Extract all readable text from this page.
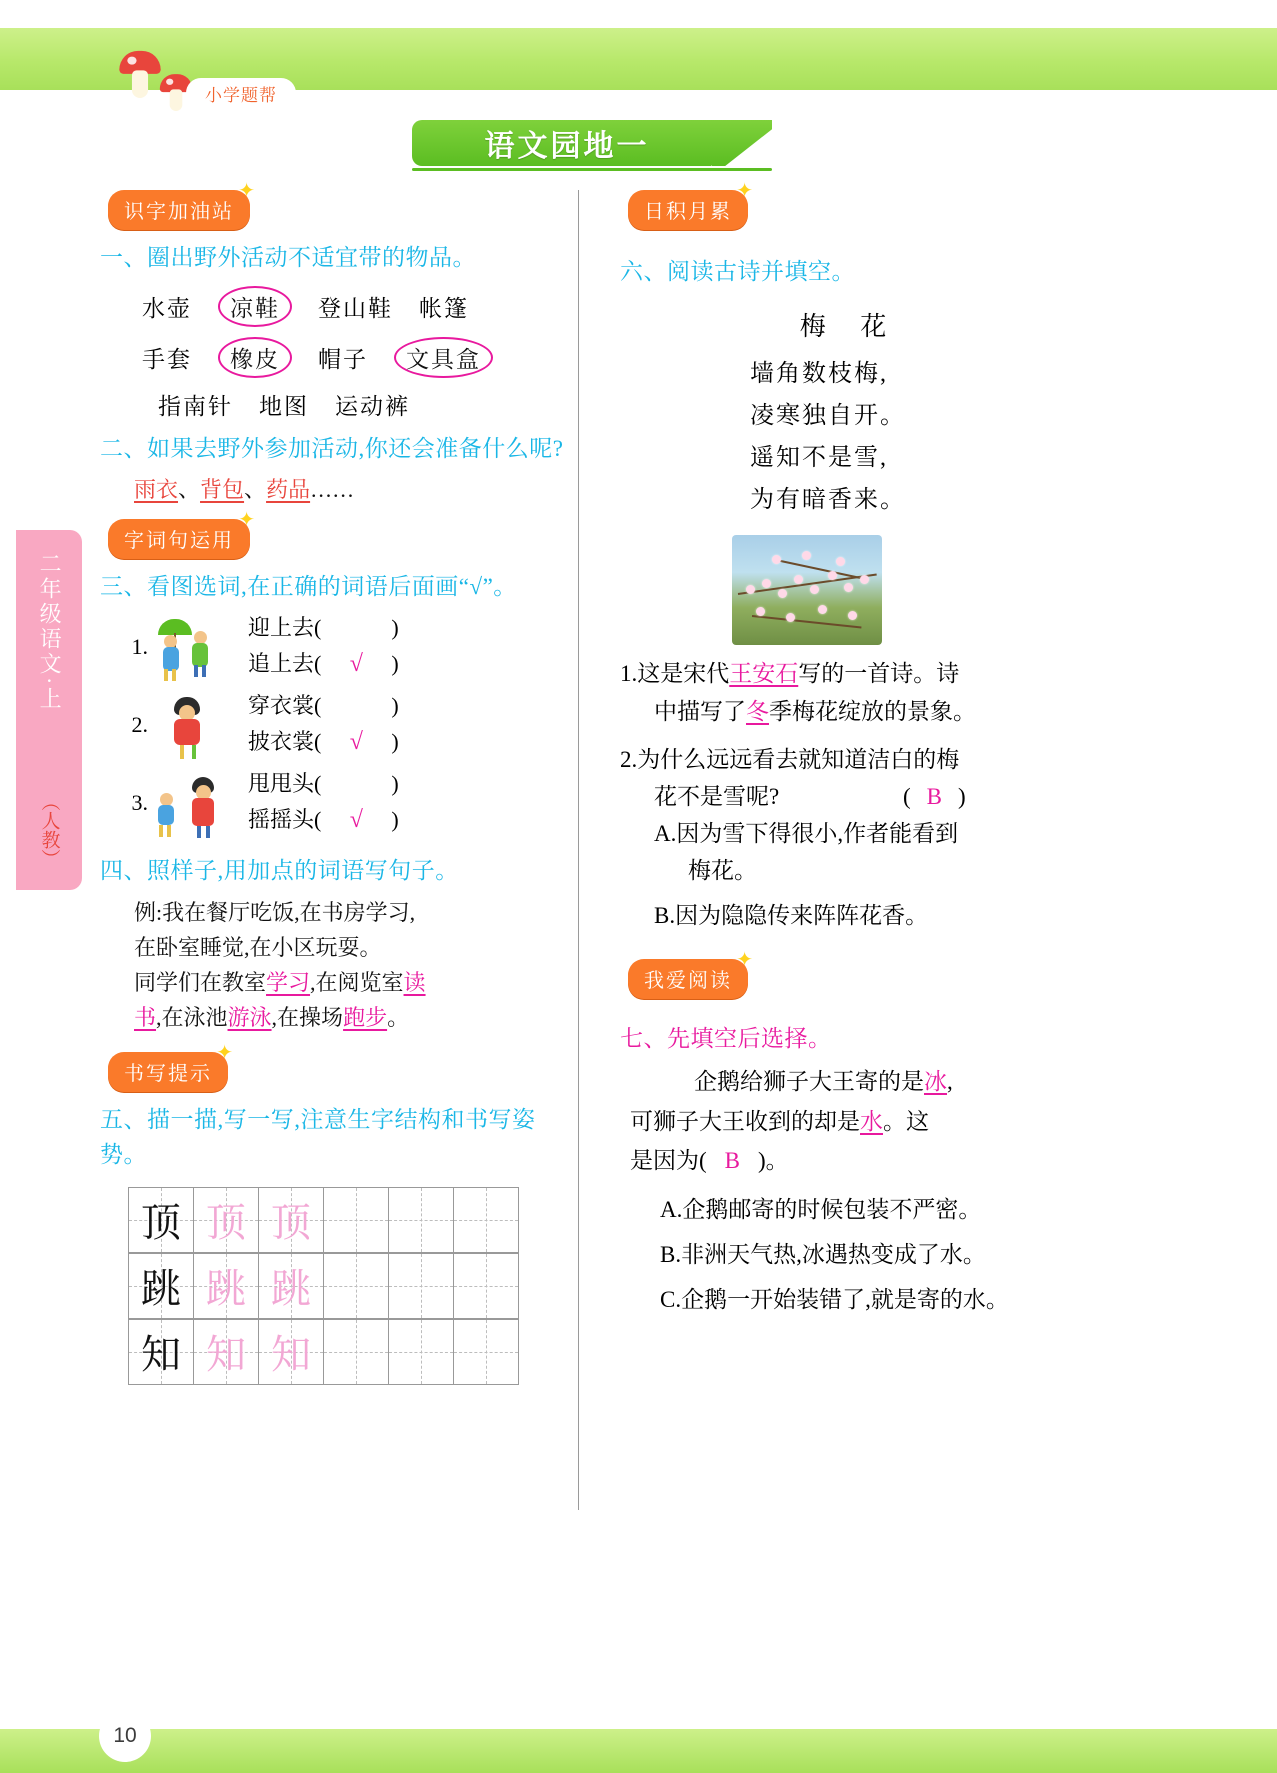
小学题帮
语文园地一
二年级语文·上
（人教）
识字加油站
✦
一、圈出野外活动不适宜带的物品。
水壶	凉鞋	登山鞋 帐篷
手套	橡皮	帽子	文具盒
指南针 地图 运动裤
二、如果去野外参加活动,你还会准备什么呢?
雨衣、背包、药品……
字词句运用
✦
三、看图选词,在正确的词语后面画“√”。
1.
迎上去(	)
追上去( √ )
2.
穿衣裳(	)
披衣裳( √ )
3.
甩甩头(	)
摇摇头( √ )
四、照样子,用加点的词语写句子。
例:我在餐厅吃饭,在书房学习,
在卧室睡觉,在小区玩耍。
同学们在教室学习,在阅览室读
书,在泳池游泳,在操场跑步。
书写提示
✦
五、描一描,写一写,注意生字结构和书写姿势。
顶 顶 顶
跳 跳 跳
知 知 知
日积月累
✦
六、阅读古诗并填空。
梅 花
墙角数枝梅,
凌寒独自开。
遥知不是雪,
为有暗香来。
1.这是宋代王安石写的一首诗。诗
中描写了冬季梅花绽放的景象。
2.为什么远远看去就知道洁白的梅
花不是雪呢?	( B )
A.因为雪下得很小,作者能看到
梅花。
B.因为隐隐传来阵阵花香。
我爱阅读
✦
七、先填空后选择。
企鹅给狮子大王寄的是冰,
可狮子大王收到的却是水。这
是因为( B )。
A.企鹅邮寄的时候包装不严密。
B.非洲天气热,冰遇热变成了水。
C.企鹅一开始装错了,就是寄的水。
10
